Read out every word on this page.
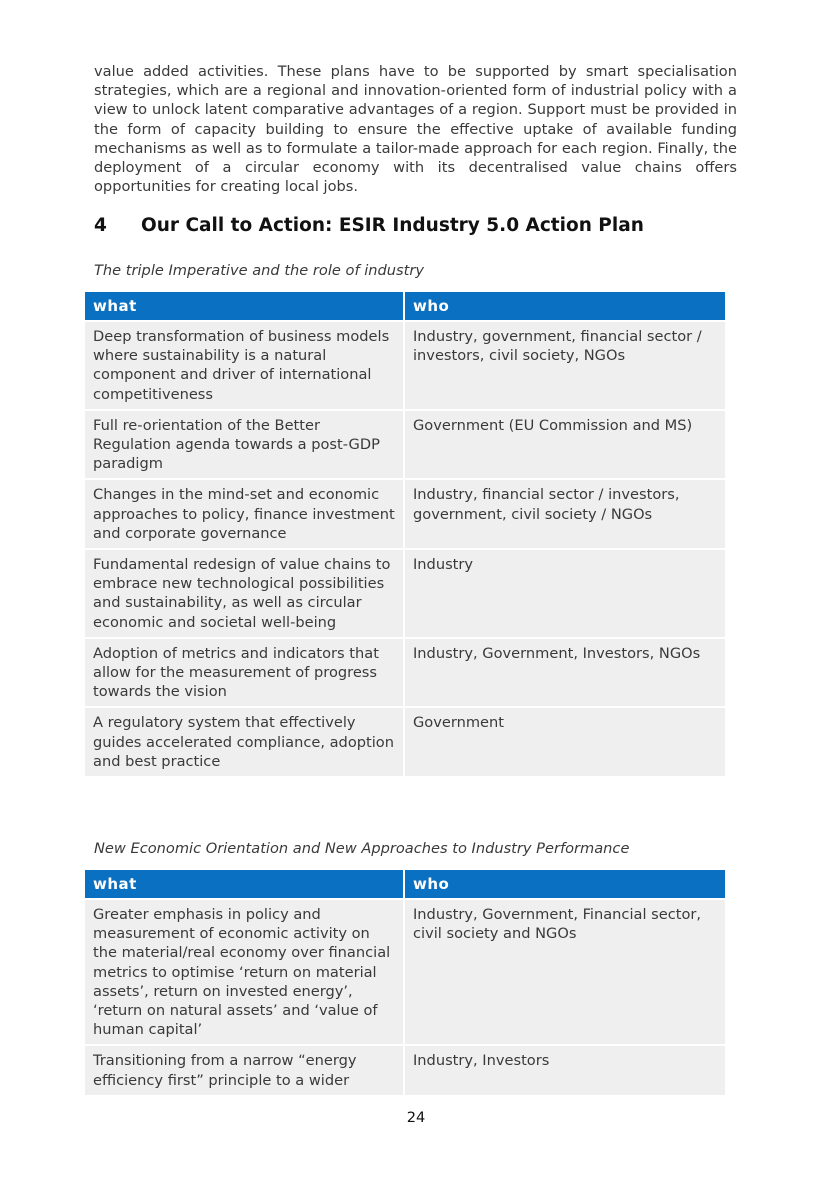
value added activities. These plans have to be supported by smart specialisation strategies, which are a regional and innovation-oriented form of industrial policy with a view to unlock latent comparative advantages of a region. Support must be provided in the form of capacity building to ensure the effective uptake of available funding mechanisms as well as to formulate a tailor-made approach for each region. Finally, the deployment of a circular economy with its decentralised value chains offers opportunities for creating local jobs.

4 Our Call to Action: ESIR Industry 5.0 Action Plan

The triple Imperative and the role of industry

what	who
Deep transformation of business models where sustainability is a natural component and driver of international competitiveness	Industry, government, financial sector / investors, civil society, NGOs
Full re-orientation of the Better Regulation agenda towards a post-GDP paradigm	Government (EU Commission and MS)
Changes in the mind-set and economic approaches to policy, finance investment and corporate governance	Industry, financial sector / investors, government, civil society / NGOs
Fundamental redesign of value chains to embrace new technological possibilities and sustainability, as well as circular economic and societal well-being	Industry
Adoption of metrics and indicators that allow for the measurement of progress towards the vision	Industry, Government, Investors, NGOs
A regulatory system that effectively guides accelerated compliance, adoption and best practice	Government

New Economic Orientation and New Approaches to Industry Performance

what	who
Greater emphasis in policy and measurement of economic activity on the material/real economy over financial metrics to optimise ‘return on material assets’, return on invested energy’, ‘return on natural assets’ and ‘value of human capital’	Industry, Government, Financial sector, civil society and NGOs
Transitioning from a narrow “energy efficiency first” principle to a wider	Industry, Investors
24
